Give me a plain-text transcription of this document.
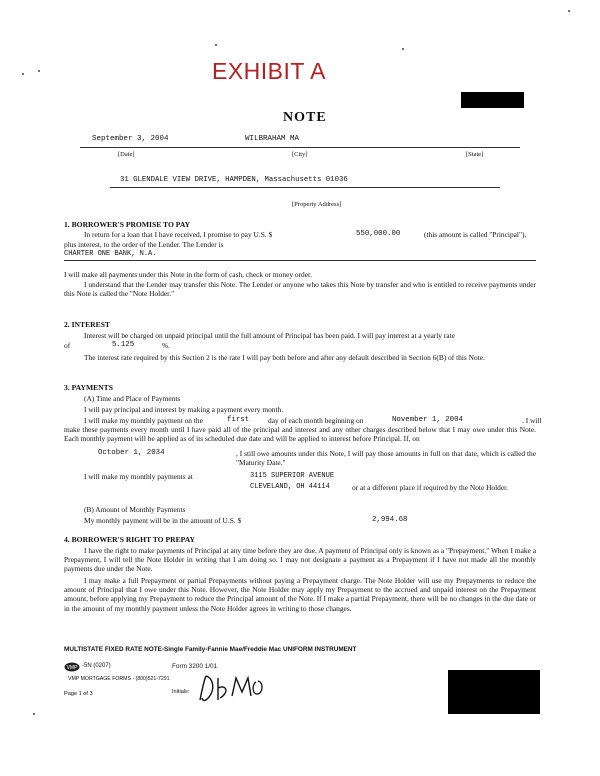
EXHIBIT A
NOTE
September 3, 2004	WILBRAHAM MA
[Date]	[City]	[State]
31 GLENDALE VIEW DRIVE, HAMPDEN, Massachusetts 01036
[Property Address]
1. BORROWER'S PROMISE TO PAY
In return for a loan that I have received, I promise to pay U.S. $	550,000.00	(this amount is called "Principal"),
plus interest, to the order of the Lender. The Lender is
CHARTER ONE BANK, N.A.
I will make all payments under this Note in the form of cash, check or money order.
I understand that the Lender may transfer this Note. The Lender or anyone who takes this Note by transfer and who is entitled to receive payments under this Note is called the "Note Holder."
2. INTEREST
Interest will be charged on unpaid principal until the full amount of Principal has been paid. I will pay interest at a yearly rate
of	5.125	%.
The interest rate required by this Section 2 is the rate I will pay both before and after any default described in Section 6(B) of this Note.
3. PAYMENTS
(A) Time and Place of Payments
I will pay principal and interest by making a payment every month.
I will make my monthly payment on the	first	day of each month beginning on	November 1, 2004	. I will
make these payments every month until I have paid all of the principal and interest and any other charges described below that I may owe under this Note. Each monthly payment will be applied as of its scheduled due date and will be applied to interest before Principal. If, on
October 1, 2034	, I still owe amounts under this Note, I will pay those amounts in full on that date, which is called the "Maturity Date."
I will make my monthly payments at	3115 SUPERIOR AVENUE
CLEVELAND, OH 44114	or at a different place if required by the Note Holder.
(B) Amount of Monthly Payments
My monthly payment will be in the amount of U.S. $	2,994.68
4. BORROWER'S RIGHT TO PREPAY
I have the right to make payments of Principal at any time before they are due. A payment of Principal only is known as a "Prepayment." When I make a Prepayment, I will tell the Note Holder in writing that I am doing so. I may not designate a payment as a Prepayment if I have not made all the monthly payments due under the Note.
I may make a full Prepayment or partial Prepayments without paying a Prepayment charge. The Note Holder will use my Prepayments to reduce the amount of Principal that I owe under this Note. However, the Note Holder may apply my Prepayment to the accrued and unpaid interest on the Prepayment amount, before applying my Prepayment to reduce the Principal amount of the Note. If I make a partial Prepayment, there will be no changes in the due date or in the amount of my monthly payment unless the Note Holder agrees in writing to those changes.
MULTISTATE FIXED RATE NOTE-Single Family-Fannie Mae/Freddie Mac UNIFORM INSTRUMENT
VMP -5N (0207)	Form 3200 1/01
VMP MORTGAGE FORMS - (800)521-7291
Page 1 of 3	Initials:
